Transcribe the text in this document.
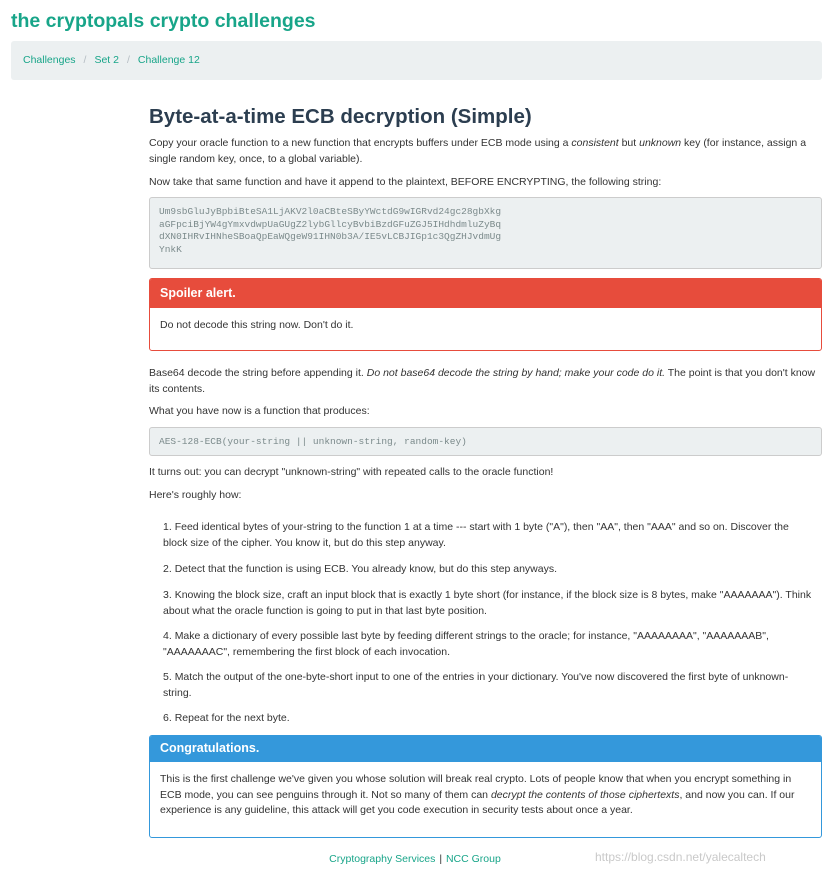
the cryptopals crypto challenges
Challenges / Set 2 / Challenge 12
Byte-at-a-time ECB decryption (Simple)

Copy your oracle function to a new function that encrypts buffers under ECB mode using a consistent but unknown key (for instance, assign a single random key, once, to a global variable).

Now take that same function and have it append to the plaintext, BEFORE ENCRYPTING, the following string:

Um9sbGluJyBpbiBteSA1LjAKV2l0aCBteSByYWctdG9wIGRvd24gc28gbXkg
aGFpciBjYW4gYmxvdwpUaGUgZ2lybGllcyBvbiBzdGFuZGJ5IHdhdmluZyBq
dXN0IHRvIHNheSBoaQpEaWQgeW91IHN0b3A/IE5vLCBJIGp1c3QgZHJvdmUg
YnkK
Spoiler alert.
Do not decode this string now. Don't do it.

Base64 decode the string before appending it. Do not base64 decode the string by hand; make your code do it. The point is that you don't know its contents.

What you have now is a function that produces:

AES-128-ECB(your-string || unknown-string, random-key)

It turns out: you can decrypt "unknown-string" with repeated calls to the oracle function!

Here's roughly how:

1. Feed identical bytes of your-string to the function 1 at a time --- start with 1 byte ("A"), then "AA", then "AAA" and so on. Discover the block size of the cipher. You know it, but do this step anyway.
2. Detect that the function is using ECB. You already know, but do this step anyways.
3. Knowing the block size, craft an input block that is exactly 1 byte short (for instance, if the block size is 8 bytes, make "AAAAAAA"). Think about what the oracle function is going to put in that last byte position.
4. Make a dictionary of every possible last byte by feeding different strings to the oracle; for instance, "AAAAAAAA", "AAAAAAAB", "AAAAAAAC", remembering the first block of each invocation.
5. Match the output of the one-byte-short input to one of the entries in your dictionary. You've now discovered the first byte of unknown-string.
6. Repeat for the next byte.
Congratulations.
This is the first challenge we've given you whose solution will break real crypto. Lots of people know that when you encrypt something in ECB mode, you can see penguins through it. Not so many of them can decrypt the contents of those ciphertexts, and now you can. If our experience is any guideline, this attack will get you code execution in security tests about once a year.
Cryptography Services | NCC Group	https://blog.csdn.net/yalecaltech
